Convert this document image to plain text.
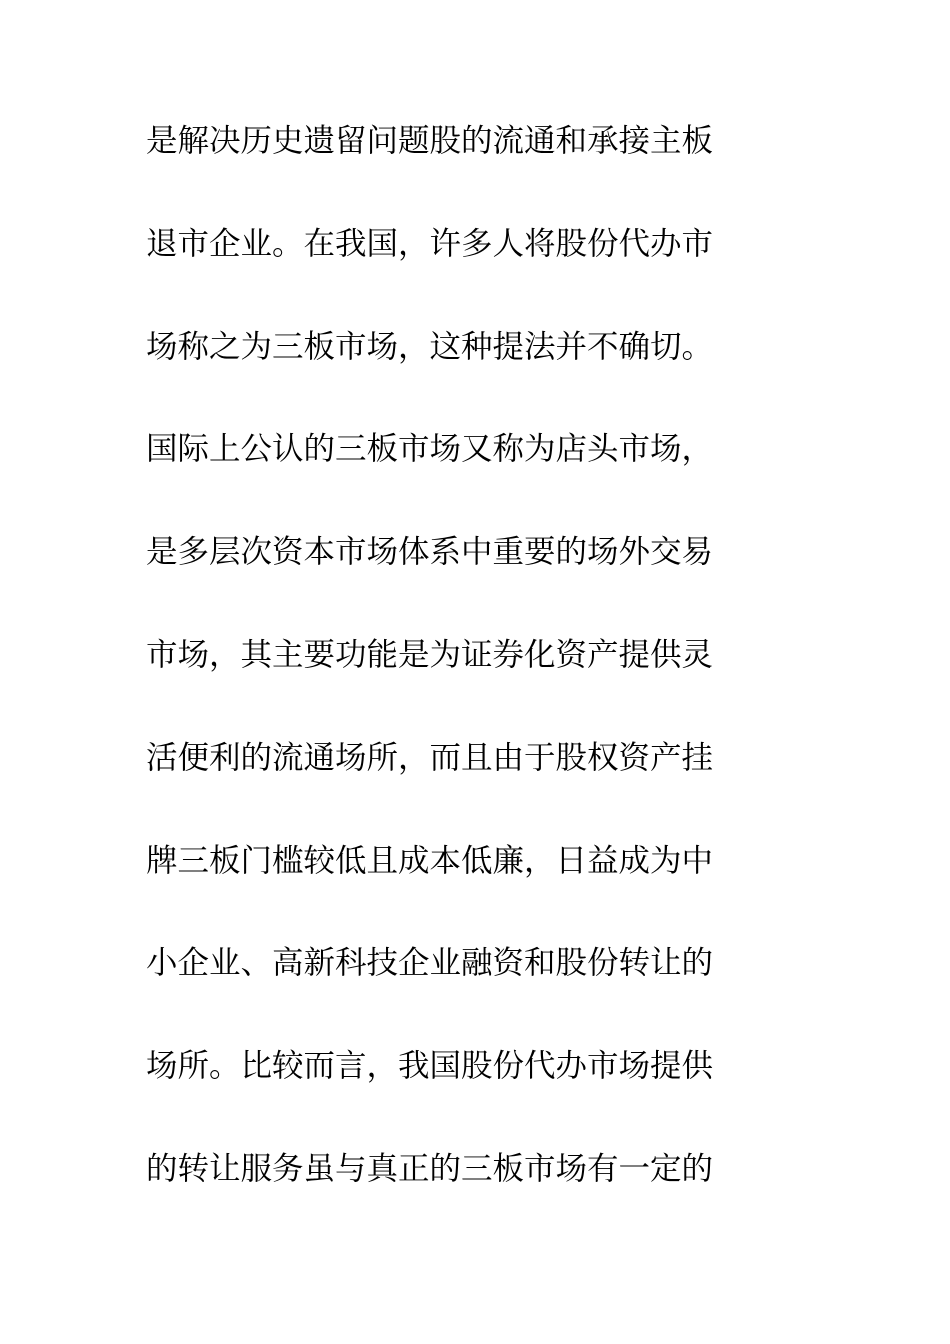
是解决历史遗留问题股的流通和承接主板
退市企业。在我国，许多人将股份代办市
场称之为三板市场，这种提法并不确切。
国际上公认的三板市场又称为店头市场，
是多层次资本市场体系中重要的场外交易
市场，其主要功能是为证券化资产提供灵
活便利的流通场所，而且由于股权资产挂
牌三板门槛较低且成本低廉，日益成为中
小企业、高新科技企业融资和股份转让的
场所。比较而言，我国股份代办市场提供
的转让服务虽与真正的三板市场有一定的
